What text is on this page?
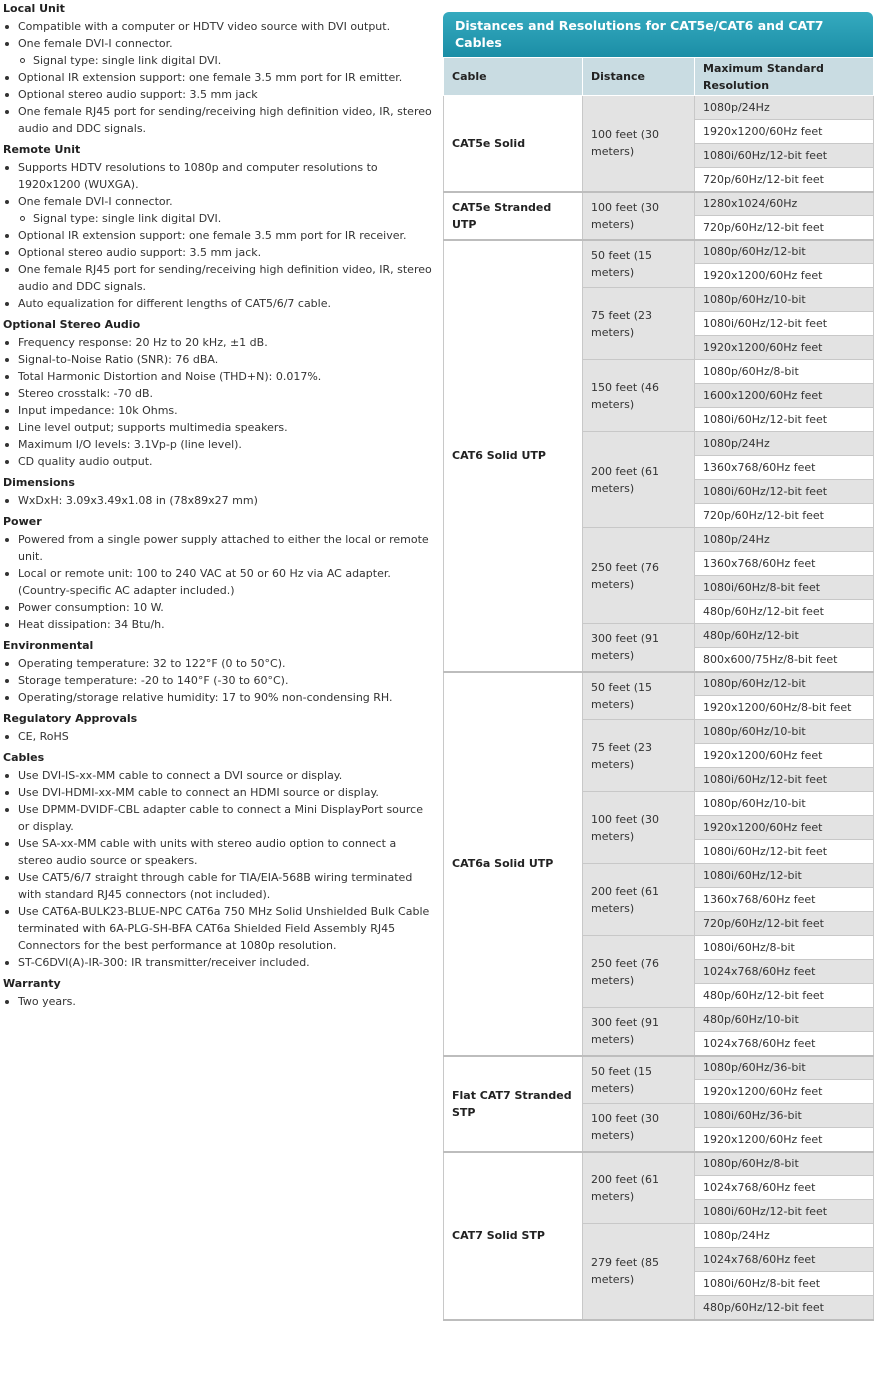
Local Unit
Compatible with a computer or HDTV video source with DVI output.
One female DVI-I connector.
Signal type: single link digital DVI.
Optional IR extension support: one female 3.5 mm port for IR emitter.
Optional stereo audio support: 3.5 mm jack
One female RJ45 port for sending/receiving high definition video, IR, stereo audio and DDC signals.
Remote Unit
Supports HDTV resolutions to 1080p and computer resolutions to 1920x1200 (WUXGA).
One female DVI-I connector.
Signal type: single link digital DVI.
Optional IR extension support: one female 3.5 mm port for IR receiver.
Optional stereo audio support: 3.5 mm jack.
One female RJ45 port for sending/receiving high definition video, IR, stereo audio and DDC signals.
Auto equalization for different lengths of CAT5/6/7 cable.
Optional Stereo Audio
Frequency response: 20 Hz to 20 kHz, ±1 dB.
Signal-to-Noise Ratio (SNR): 76 dBA.
Total Harmonic Distortion and Noise (THD+N): 0.017%.
Stereo crosstalk: -70 dB.
Input impedance: 10k Ohms.
Line level output; supports multimedia speakers.
Maximum I/O levels: 3.1Vp-p (line level).
CD quality audio output.
Dimensions
WxDxH: 3.09x3.49x1.08 in (78x89x27 mm)
Power
Powered from a single power supply attached to either the local or remote unit.
Local or remote unit: 100 to 240 VAC at 50 or 60 Hz via AC adapter. (Country-specific AC adapter included.)
Power consumption: 10 W.
Heat dissipation: 34 Btu/h.
Environmental
Operating temperature: 32 to 122°F (0 to 50°C).
Storage temperature: -20 to 140°F (-30 to 60°C).
Operating/storage relative humidity: 17 to 90% non-condensing RH.
Regulatory Approvals
CE, RoHS
Cables
Use DVI-IS-xx-MM cable to connect a DVI source or display.
Use DVI-HDMI-xx-MM cable to connect an HDMI source or display.
Use DPMM-DVIDF-CBL adapter cable to connect a Mini DisplayPort source or display.
Use SA-xx-MM cable with units with stereo audio option to connect a stereo audio source or speakers.
Use CAT5/6/7 straight through cable for TIA/EIA-568B wiring terminated with standard RJ45 connectors (not included).
Use CAT6A-BULK23-BLUE-NPC CAT6a 750 MHz Solid Unshielded Bulk Cable terminated with 6A-PLG-SH-BFA CAT6a Shielded Field Assembly RJ45 Connectors for the best performance at 1080p resolution.
ST-C6DVI(A)-IR-300: IR transmitter/receiver included.
Warranty
Two years.
Distances and Resolutions for CAT5e/CAT6 and CAT7 Cables
Cable	Distance	Maximum Standard Resolution
CAT5e Solid	100 feet (30 meters)	1080p/24Hz
		1920x1200/60Hz feet
		1080i/60Hz/12-bit feet
		720p/60Hz/12-bit feet
CAT5e Stranded UTP	100 feet (30 meters)	1280x1024/60Hz
		720p/60Hz/12-bit feet
CAT6 Solid UTP	50 feet (15 meters)	1080p/60Hz/12-bit
		1920x1200/60Hz feet
	75 feet (23 meters)	1080p/60Hz/10-bit
		1080i/60Hz/12-bit feet
		1920x1200/60Hz feet
	150 feet (46 meters)	1080p/60Hz/8-bit
		1600x1200/60Hz feet
		1080i/60Hz/12-bit feet
	200 feet (61 meters)	1080p/24Hz
		1360x768/60Hz feet
		1080i/60Hz/12-bit feet
		720p/60Hz/12-bit feet
	250 feet (76 meters)	1080p/24Hz
		1360x768/60Hz feet
		1080i/60Hz/8-bit feet
		480p/60Hz/12-bit feet
	300 feet (91 meters)	480p/60Hz/12-bit
		800x600/75Hz/8-bit feet
CAT6a Solid UTP	50 feet (15 meters)	1080p/60Hz/12-bit
		1920x1200/60Hz/8-bit feet
	75 feet (23 meters)	1080p/60Hz/10-bit
		1920x1200/60Hz feet
		1080i/60Hz/12-bit feet
	100 feet (30 meters)	1080p/60Hz/10-bit
		1920x1200/60Hz feet
		1080i/60Hz/12-bit feet
	200 feet (61 meters)	1080i/60Hz/12-bit
		1360x768/60Hz feet
		720p/60Hz/12-bit feet
	250 feet (76 meters)	1080i/60Hz/8-bit
		1024x768/60Hz feet
		480p/60Hz/12-bit feet
	300 feet (91 meters)	480p/60Hz/10-bit
		1024x768/60Hz feet
Flat CAT7 Stranded STP	50 feet (15 meters)	1080p/60Hz/36-bit
		1920x1200/60Hz feet
	100 feet (30 meters)	1080i/60Hz/36-bit
		1920x1200/60Hz feet
CAT7 Solid STP	200 feet (61 meters)	1080p/60Hz/8-bit
		1024x768/60Hz feet
		1080i/60Hz/12-bit feet
	279 feet (85 meters)	1080p/24Hz
		1024x768/60Hz feet
		1080i/60Hz/8-bit feet
		480p/60Hz/12-bit feet
